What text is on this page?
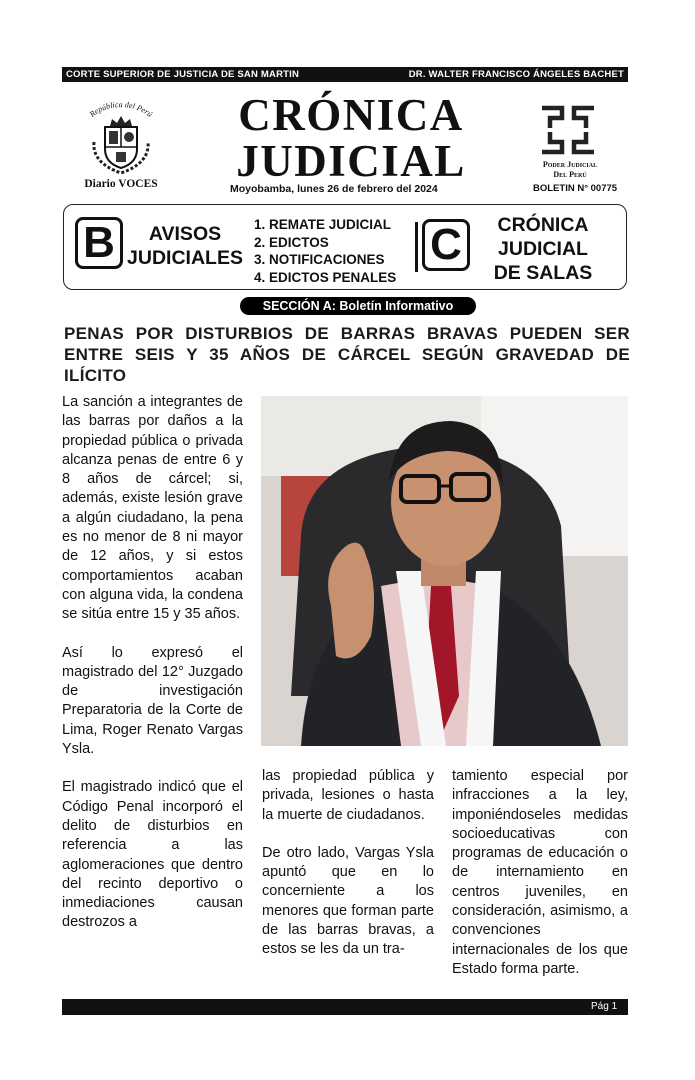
CORTE SUPERIOR DE JUSTICIA DE SAN MARTIN	DR. WALTER FRANCISCO ÁNGELES BACHET
República del Perú
Diario VOCES
CRÓNICA
JUDICIAL
Moyobamba, lunes 26 de febrero del 2024
Poder Judicial
Del Perú
BOLETIN N° 00775
B	AVISOS
JUDICIALES
1. REMATE JUDICIAL
2. EDICTOS
3. NOTIFICACIONES
4. EDICTOS PENALES
C	CRÓNICA
JUDICIAL
DE SALAS
SECCIÓN A: Boletín Informativo
PENAS POR DISTURBIOS DE BARRAS BRAVAS PUEDEN SER ENTRE SEIS Y 35 AÑOS DE CÁRCEL SEGÚN GRAVEDAD DE ILÍCITO

La sanción a integrantes de las barras por daños a la propiedad pública o privada alcanza penas de entre 6 y 8 años de cárcel; si, además, existe lesión grave a algún ciudadano, la pena es no menor de 8 ni mayor de 12 años, y si estos comportamientos acaban con alguna vida, la condena se sitúa entre 15 y 35 años.

Así lo expresó el magistrado del 12° Juzgado de investigación Preparatoria de la Corte de Lima, Roger Renato Vargas Ysla.

El magistrado indicó que el Código Penal incorporó el delito de disturbios en referencia a las aglomeraciones que dentro del recinto deportivo o inmediaciones causan destrozos a

las propiedad pública y privada, lesiones o hasta la muerte de ciudadanos.

De otro lado, Vargas Ysla apuntó que en lo concerniente a los menores que forman parte de las barras bravas, a estos se les da un tra-

tamiento especial por infracciones a la ley, imponiéndoseles medidas socioeducativas con programas de educación o de internamiento en centros juveniles, en consideración, asimismo, a convenciones internacionales de los que Estado forma parte.

Pág 1
